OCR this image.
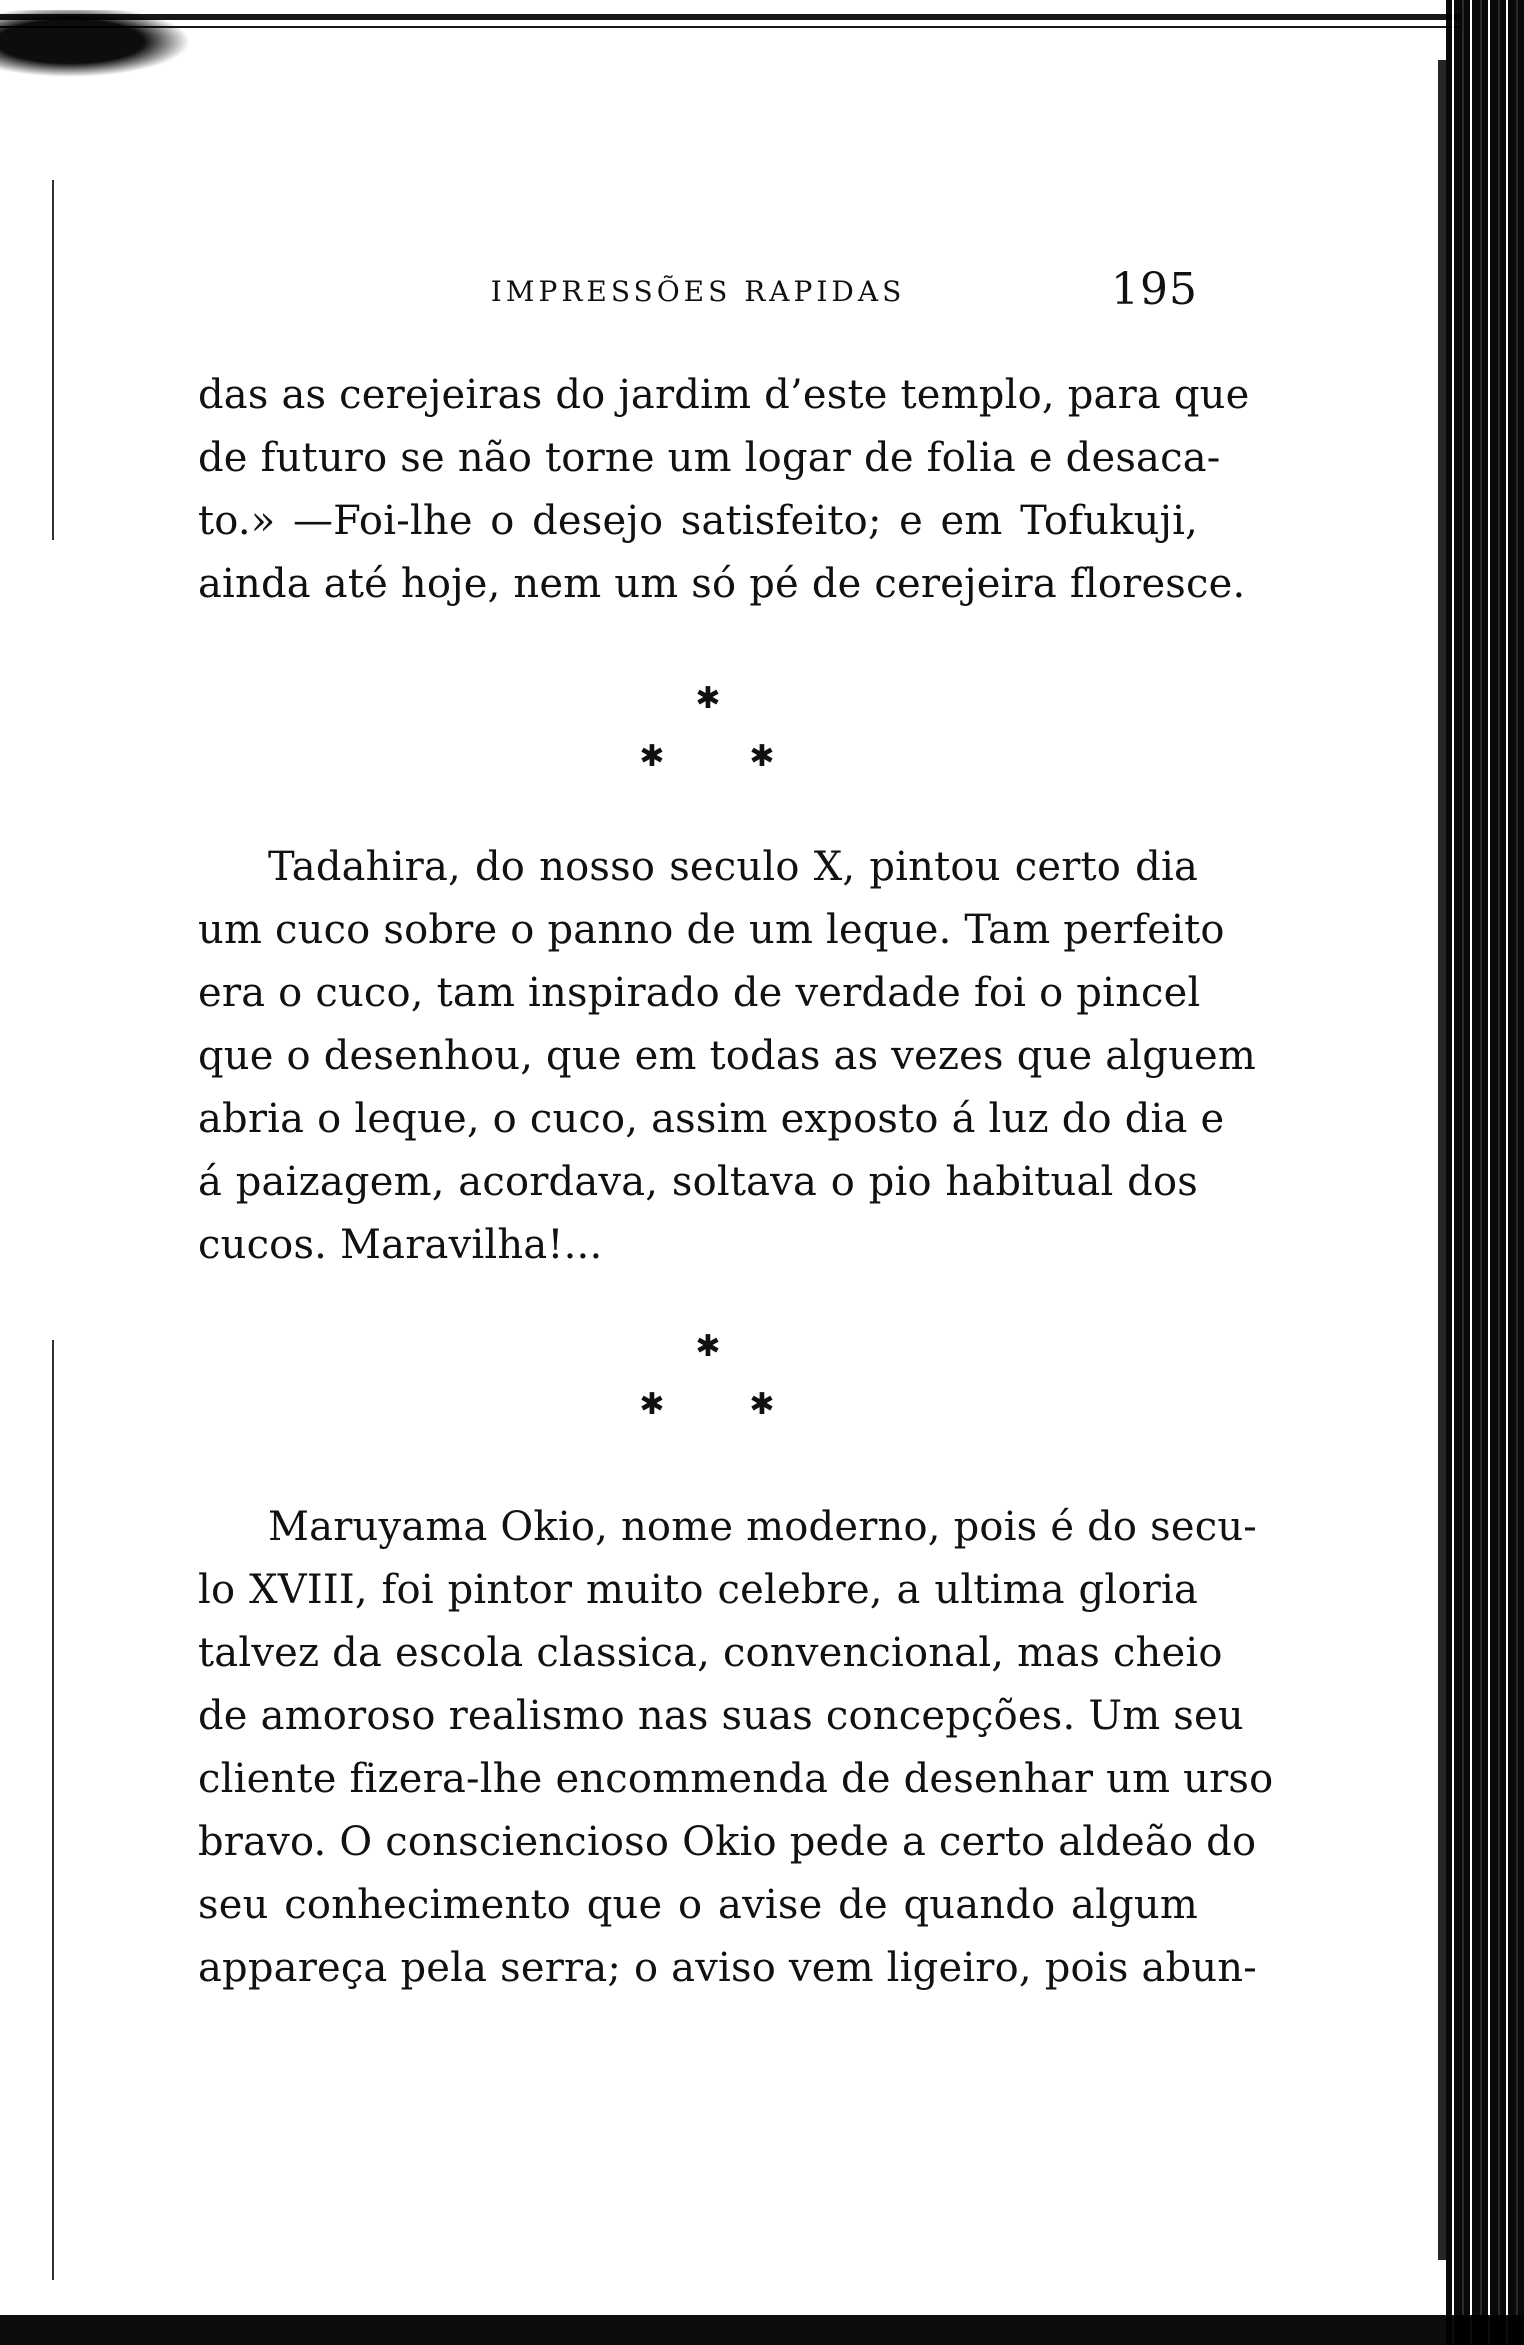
IMPRESSÕES RAPIDAS	195

das as cerejeiras do jardim d’este templo, para que
de futuro se não torne um logar de folia e desaca-
to.» —Foi-lhe o desejo satisfeito; e em Tofukuji,
ainda até hoje, nem um só pé de cerejeira floresce.

✱
✱	✱

Tadahira, do nosso seculo X, pintou certo dia
um cuco sobre o panno de um leque. Tam perfeito
era o cuco, tam inspirado de verdade foi o pincel
que o desenhou, que em todas as vezes que alguem
abria o leque, o cuco, assim exposto á luz do dia e
á paizagem, acordava, soltava o pio habitual dos
cucos. Maravilha!...

✱
✱	✱

Maruyama Okio, nome moderno, pois é do secu-
lo XVIII, foi pintor muito celebre, a ultima gloria
talvez da escola classica, convencional, mas cheio
de amoroso realismo nas suas concepções. Um seu
cliente fizera-lhe encommenda de desenhar um urso
bravo. O consciencioso Okio pede a certo aldeão do
seu conhecimento que o avise de quando algum
appareça pela serra; o aviso vem ligeiro, pois abun-
